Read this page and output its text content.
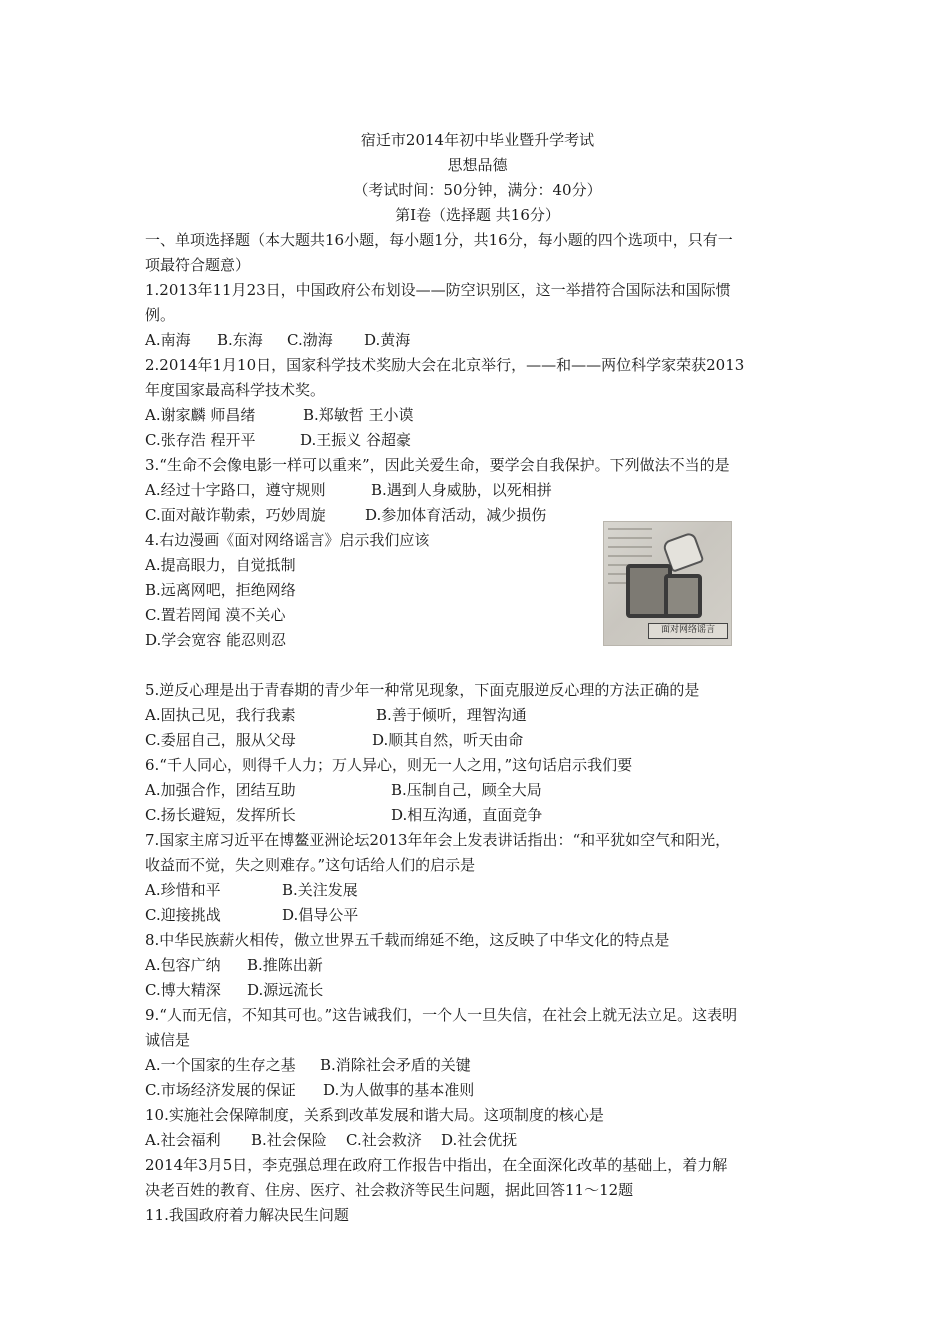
宿迁市2014年初中毕业暨升学考试
思想品德
（考试时间：50分钟，满分：40分）
第Ⅰ卷（选择题 共16分）
一、单项选择题（本大题共16小题，每小题1分，共16分，每小题的四个选项中，只有一
项最符合题意）
1.2013年11月23日，中国政府公布划设——防空识别区，这一举措符合国际法和国际惯
例。
A.南海 B.东海 C.渤海 D.黄海
2.2014年1月10日，国家科学技术奖励大会在北京举行，——和——两位科学家荣获2013
年度国家最高科学技术奖。
A.谢家麟 师昌绪	B.郑敏哲 王小谟
C.张存浩 程开平	D.王振义 谷超豪
3.“生命不会像电影一样可以重来”，因此关爱生命，要学会自我保护。下列做法不当的是
A.经过十字路口，遵守规则	B.遇到人身威胁，以死相拼
C.面对敲诈勒索，巧妙周旋	D.参加体育活动，减少损伤
4.右边漫画《面对网络谣言》启示我们应该
A.提高眼力，自觉抵制
B.远离网吧，拒绝网络
C.置若罔闻 漠不关心
D.学会宽容 能忍则忍
5.逆反心理是出于青春期的青少年一种常见现象，下面克服逆反心理的方法正确的是
A.固执己见，我行我素	B.善于倾听，理智沟通
C.委屈自己，服从父母	D.顺其自然，听天由命
6.“千人同心，则得千人力；万人异心，则无一人之用，”这句话启示我们要
A.加强合作，团结互助	B.压制自己，顾全大局
C.扬长避短，发挥所长	D.相互沟通，直面竞争
7.国家主席习近平在博鳌亚洲论坛2013年年会上发表讲话指出：“和平犹如空气和阳光，
收益而不觉，失之则难存。”这句话给人们的启示是
A.珍惜和平	B.关注发展
C.迎接挑战	D.倡导公平
8.中华民族薪火相传，傲立世界五千载而绵延不绝，这反映了中华文化的特点是
A.包容广纳 B.推陈出新
C.博大精深 D.源远流长
9.“人而无信，不知其可也。”这告诫我们，一个人一旦失信，在社会上就无法立足。这表明
诚信是
A.一个国家的生存之基 B.消除社会矛盾的关键
C.市场经济发展的保证 D.为人做事的基本准则
10.实施社会保障制度，关系到改革发展和谐大局。这项制度的核心是
A.社会福利 B.社会保险 C.社会救济 D.社会优抚
2014年3月5日，李克强总理在政府工作报告中指出，在全面深化改革的基础上，着力解
决老百姓的教育、住房、医疗、社会救济等民生问题，据此回答11～12题
11.我国政府着力解决民生问题
面对网络谣言
